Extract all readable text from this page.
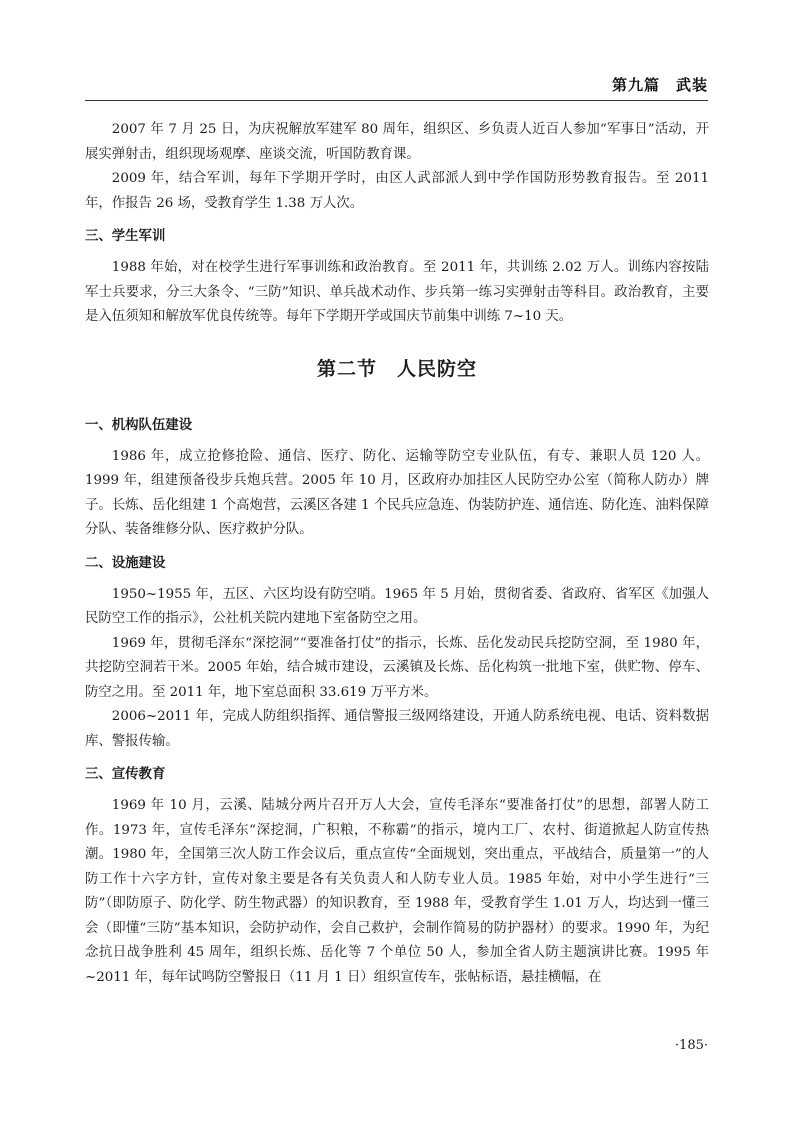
第九篇　武装

2007 年 7 月 25 日，为庆祝解放军建军 80 周年，组织区、乡负责人近百人参加“军事日”活动，开展实弹射击，组织现场观摩、座谈交流，听国防教育课。

2009 年，结合军训，每年下学期开学时，由区人武部派人到中学作国防形势教育报告。至 2011 年，作报告 26 场，受教育学生 1.38 万人次。

三、学生军训

1988 年始，对在校学生进行军事训练和政治教育。至 2011 年，共训练 2.02 万人。训练内容按陆军士兵要求，分三大条令、“三防”知识、单兵战术动作、步兵第一练习实弹射击等科目。政治教育，主要是入伍须知和解放军优良传统等。每年下学期开学或国庆节前集中训练 7~10 天。

第二节　人民防空
一、机构队伍建设

1986 年，成立抢修抢险、通信、医疗、防化、运输等防空专业队伍，有专、兼职人员 120 人。1999 年，组建预备役步兵炮兵营。2005 年 10 月，区政府办加挂区人民防空办公室（简称人防办）牌子。长炼、岳化组建 1 个高炮营，云溪区各建 1 个民兵应急连、伪装防护连、通信连、防化连、油料保障分队、装备维修分队、医疗救护分队。

二、设施建设

1950~1955 年，五区、六区均设有防空哨。1965 年 5 月始，贯彻省委、省政府、省军区《加强人民防空工作的指示》，公社机关院内建地下室备防空之用。

1969 年，贯彻毛泽东“深挖洞”“要准备打仗”的指示，长炼、岳化发动民兵挖防空洞，至 1980 年，共挖防空洞若干米。2005 年始，结合城市建设，云溪镇及长炼、岳化构筑一批地下室，供贮物、停车、防空之用。至 2011 年，地下室总面积 33.619 万平方米。

2006~2011 年，完成人防组织指挥、通信警报三级网络建设，开通人防系统电视、电话、资料数据库、警报传输。

三、宣传教育

1969 年 10 月，云溪、陆城分两片召开万人大会，宣传毛泽东“要准备打仗”的思想，部署人防工作。1973 年，宣传毛泽东“深挖洞，广积粮，不称霸”的指示，境内工厂、农村、街道掀起人防宣传热潮。1980 年，全国第三次人防工作会议后，重点宣传“全面规划，突出重点，平战结合，质量第一”的人防工作十六字方针，宣传对象主要是各有关负责人和人防专业人员。1985 年始，对中小学生进行“三防”（即防原子、防化学、防生物武器）的知识教育，至 1988 年，受教育学生 1.01 万人，均达到一懂三会（即懂“三防”基本知识，会防护动作，会自己救护，会制作简易的防护器材）的要求。1990 年，为纪念抗日战争胜利 45 周年，组织长炼、岳化等 7 个单位 50 人，参加全省人防主题演讲比赛。1995 年~2011 年，每年试鸣防空警报日（11 月 1 日）组织宣传车，张帖标语，悬挂横幅，在

·185·
